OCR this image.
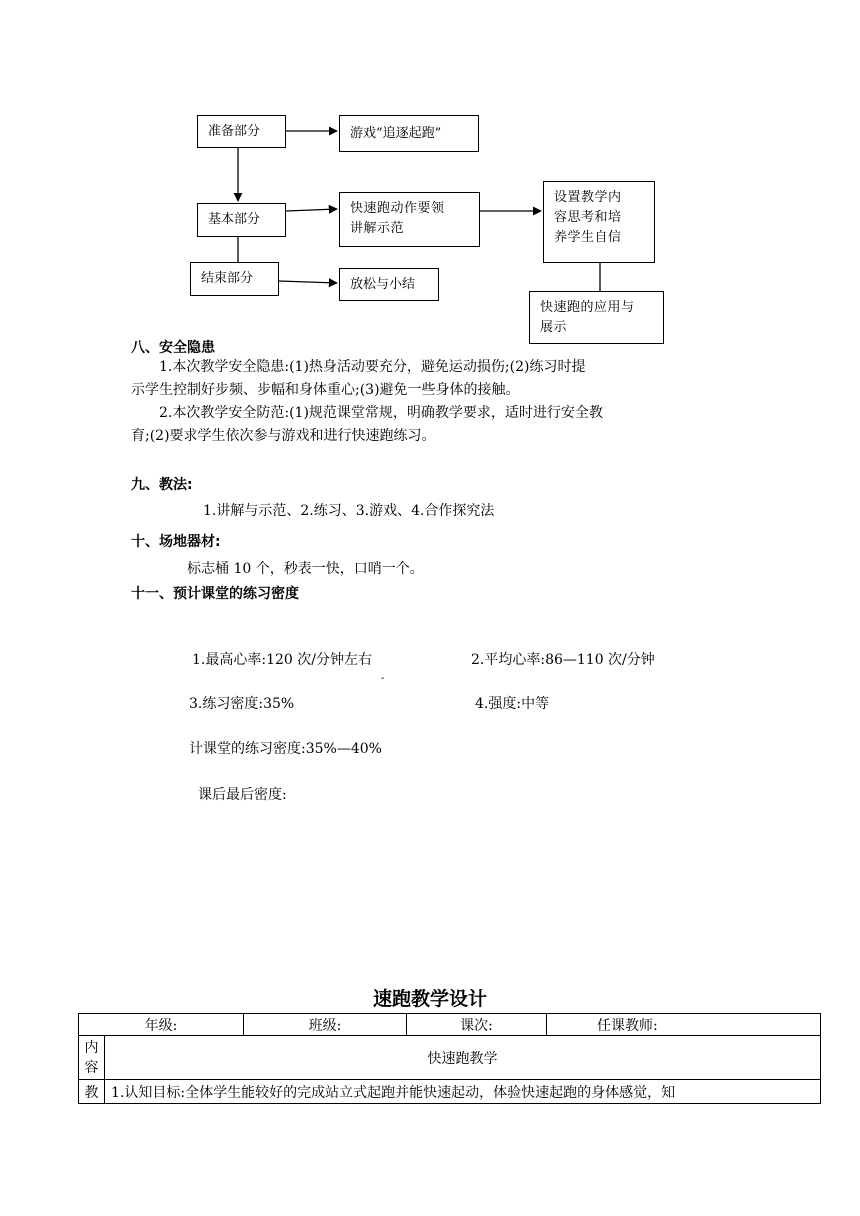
准备部分	游戏“追逐起跑”
基本部分
快速跑动作要领
讲解示范
设置教学内
容思考和培
养学生自信
结束部分	放松与小结
快速跑的应用与
展示
八、安全隐患
1.本次教学安全隐患:(1)热身活动要充分，避免运动损伤;(2)练习时提
示学生控制好步频、步幅和身体重心;(3)避免一些身体的接触。
2.本次教学安全防范:(1)规范课堂常规，明确教学要求，适时进行安全教
育;(2)要求学生依次参与游戏和进行快速跑练习。
九、教法:
1.讲解与示范、2.练习、3.游戏、4.合作探究法
十、场地器材:
标志桶 10 个，秒表一快，口哨一个。
十一、预计课堂的练习密度
1.最高心率:120 次/分钟左右	2.平均心率:86—110 次/分钟
-
3.练习密度:35%	4.强度:中等
计课堂的练习密度:35%—40%
课后最后密度:
速跑教学设计
年级:		班级:	课次:	任课教师:

内
容	快速跑教学			
教	1.认知目标:全体学生能较好的完成站立式起跑并能快速起动，体验快速起跑的身体感觉，知			
